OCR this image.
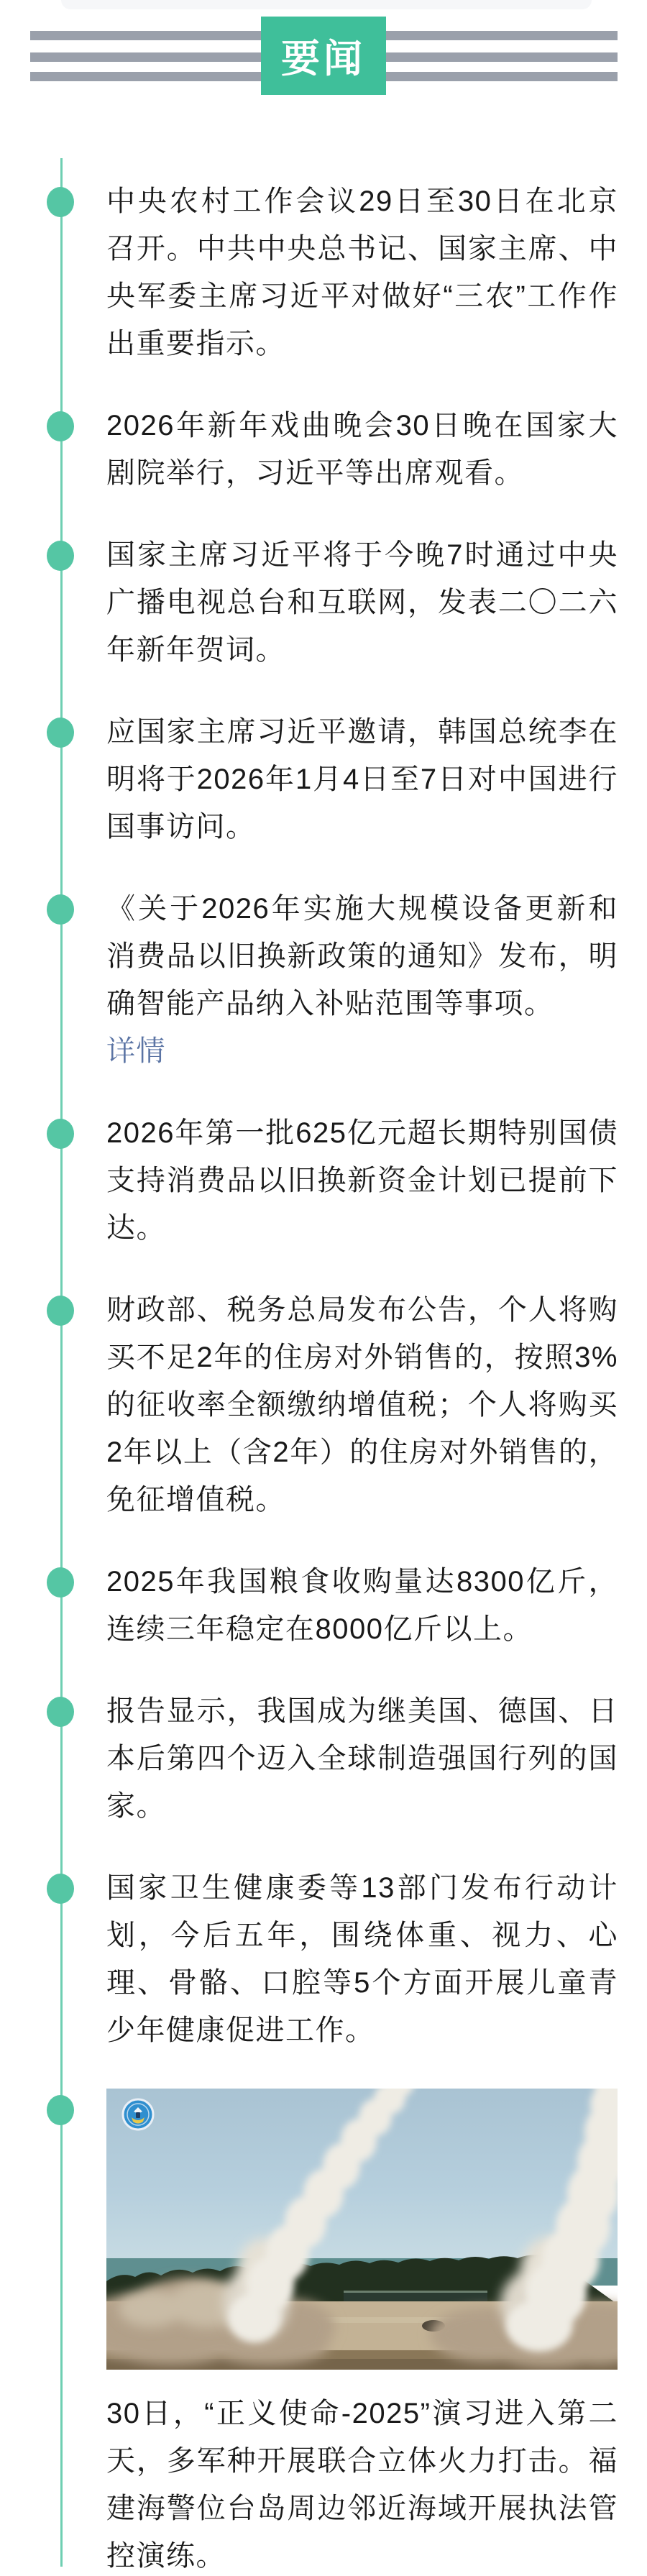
要闻
中央农村工作会议29日至30日在北京召开。中共中央总书记、国家主席、中央军委主席习近平对做好“三农”工作作出重要指示。
2026年新年戏曲晚会30日晚在国家大剧院举行，习近平等出席观看。
国家主席习近平将于今晚7时通过中央广播电视总台和互联网，发表二〇二六年新年贺词。
应国家主席习近平邀请，韩国总统李在明将于2026年1月4日至7日对中国进行国事访问。
《关于2026年实施大规模设备更新和消费品以旧换新政策的通知》发布，明确智能产品纳入补贴范围等事项。
详情
2026年第一批625亿元超长期特别国债支持消费品以旧换新资金计划已提前下达。
财政部、税务总局发布公告，个人将购买不足2年的住房对外销售的，按照3%的征收率全额缴纳增值税；个人将购买2年以上（含2年）的住房对外销售的，免征增值税。
2025年我国粮食收购量达8300亿斤，连续三年稳定在8000亿斤以上。
报告显示，我国成为继美国、德国、日本后第四个迈入全球制造强国行列的国家。
国家卫生健康委等13部门发布行动计划，今后五年，围绕体重、视力、心理、骨骼、口腔等5个方面开展儿童青少年健康促进工作。
30日，“正义使命-2025”演习进入第二天，多军种开展联合立体火力打击。福建海警位台岛周边邻近海域开展执法管控演练。
